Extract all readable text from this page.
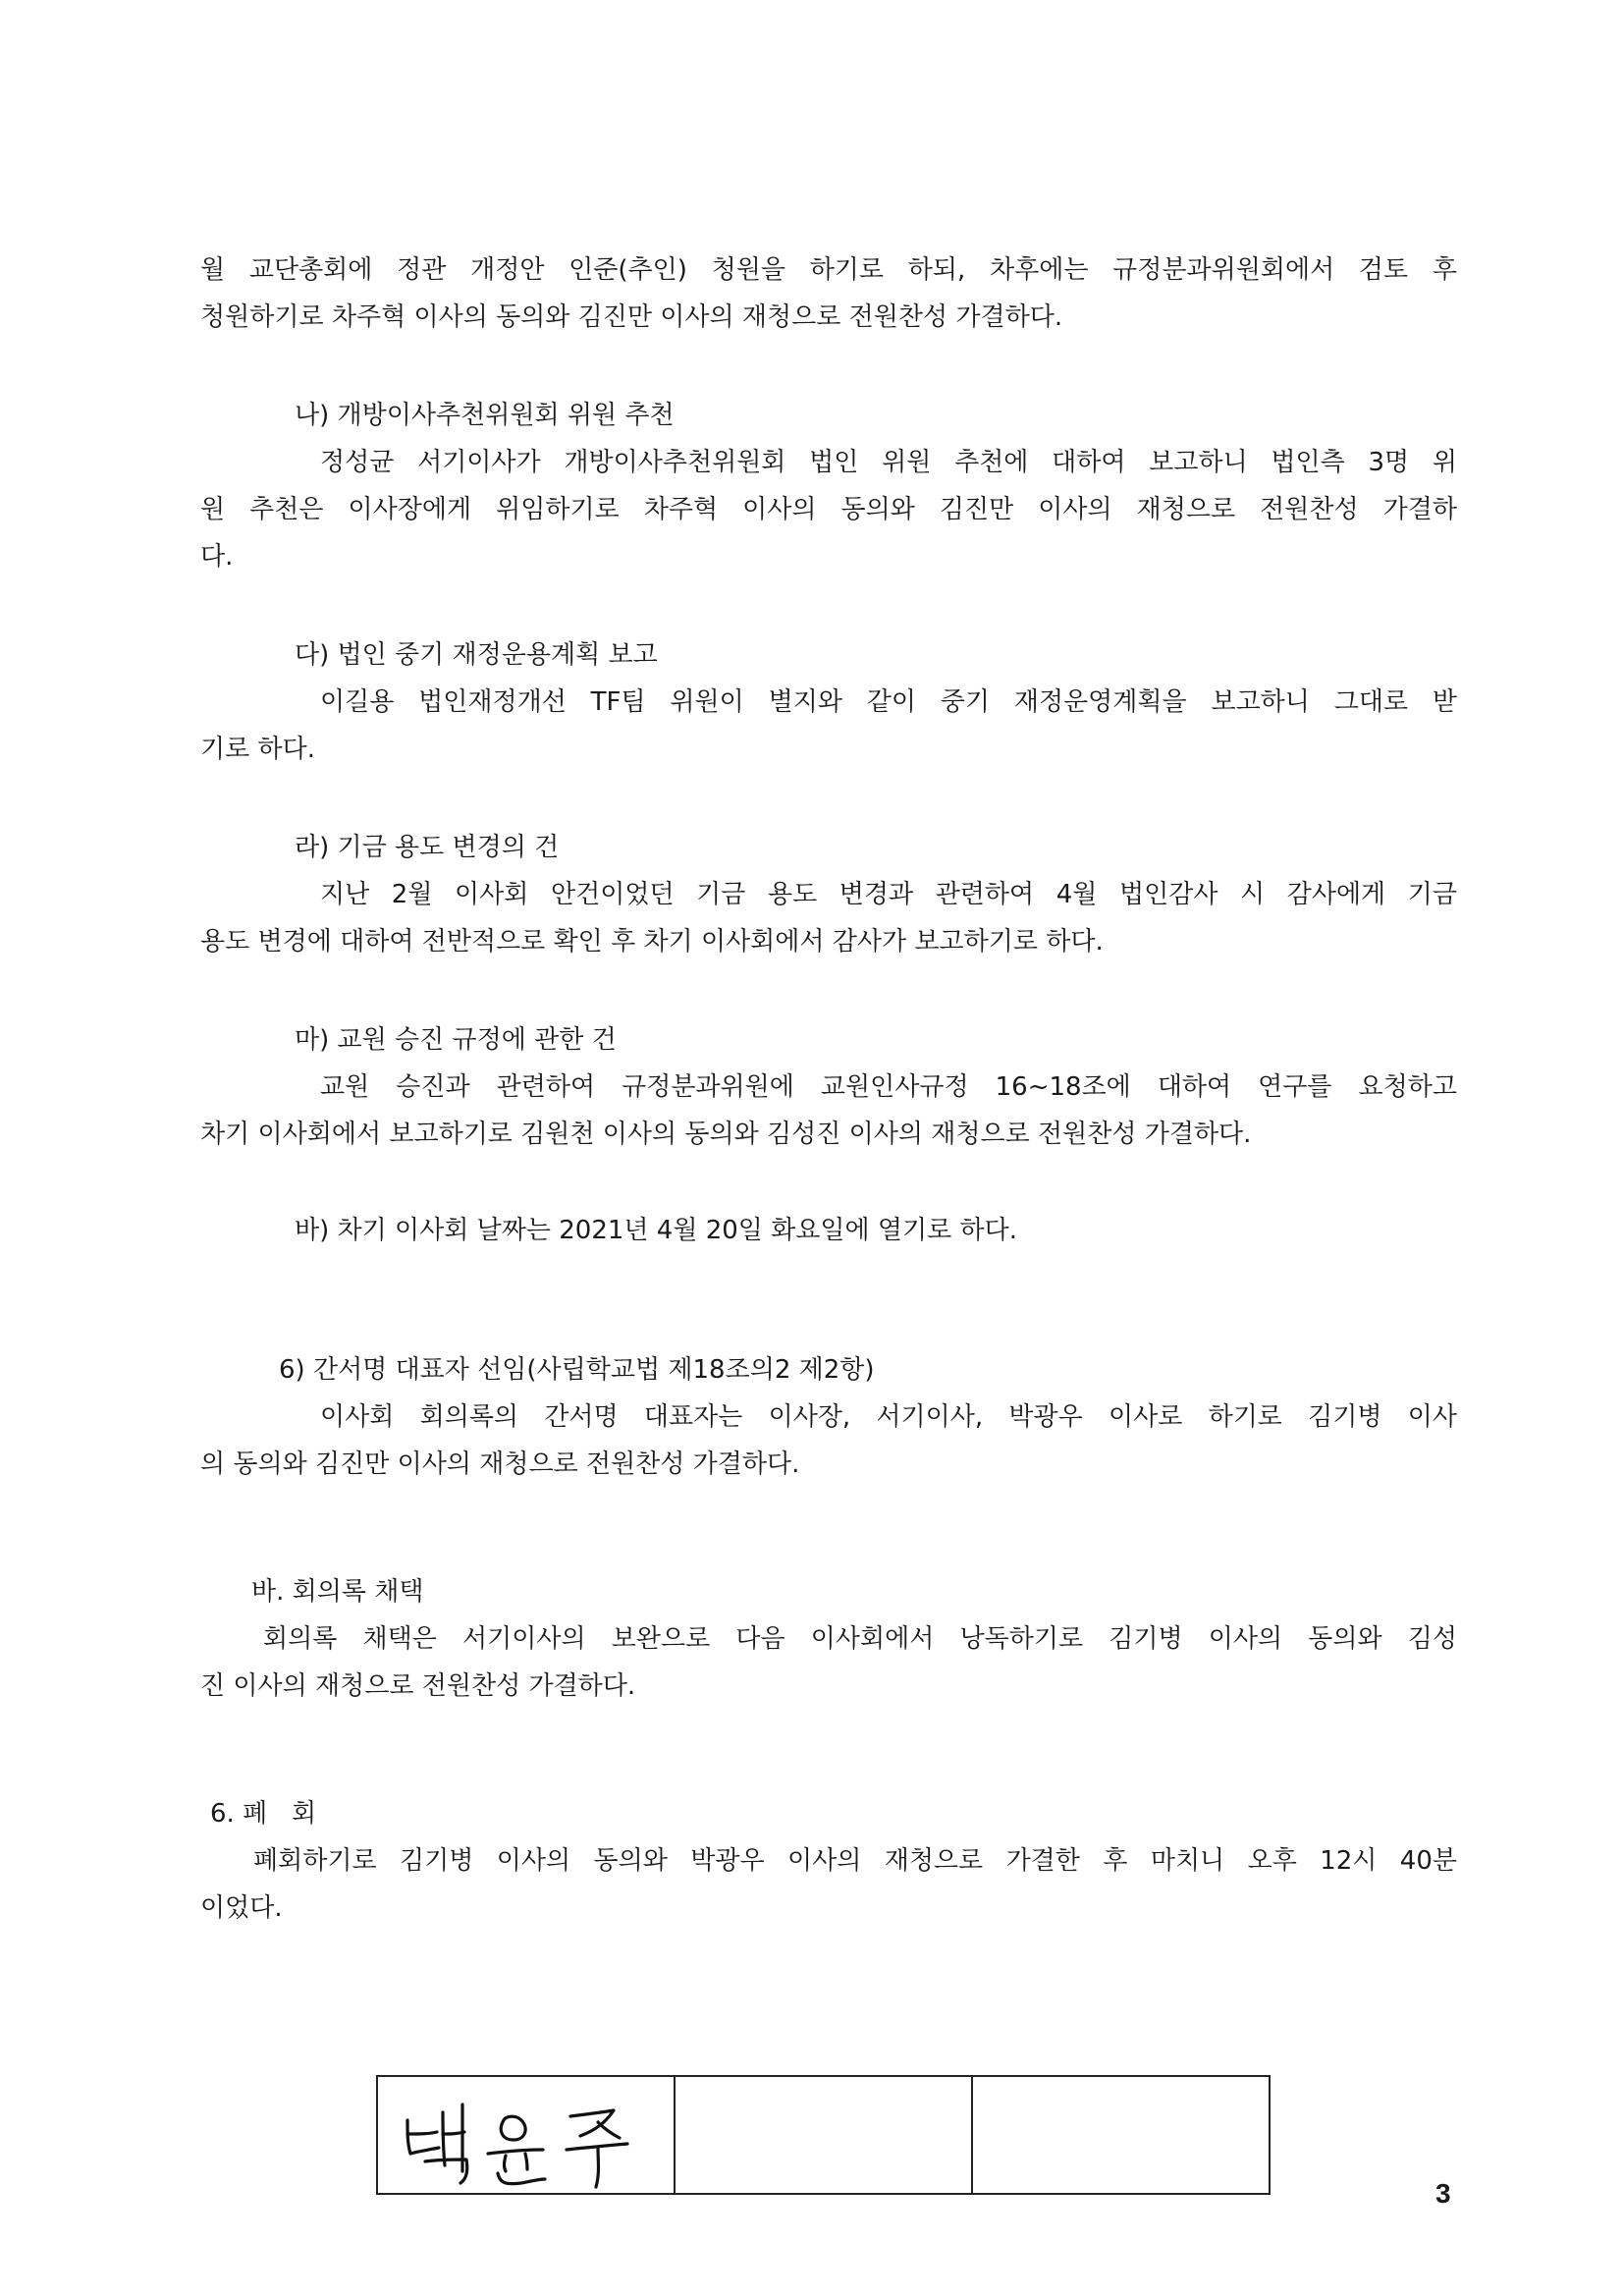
월 교단총회에 정관 개정안 인준(추인) 청원을 하기로 하되, 차후에는 규정분과위원회에서 검토 후
청원하기로 차주혁 이사의 동의와 김진만 이사의 재청으로 전원찬성 가결하다.
나) 개방이사추천위원회 위원 추천
정성균 서기이사가 개방이사추천위원회 법인 위원 추천에 대하여 보고하니 법인측 3명 위
원 추천은 이사장에게 위임하기로 차주혁 이사의 동의와 김진만 이사의 재청으로 전원찬성 가결하
다.
다) 법인 중기 재정운용계획 보고
이길용 법인재정개선 TF팀 위원이 별지와 같이 중기 재정운영계획을 보고하니 그대로 받
기로 하다.
라) 기금 용도 변경의 건
지난 2월 이사회 안건이었던 기금 용도 변경과 관련하여 4월 법인감사 시 감사에게 기금
용도 변경에 대하여 전반적으로 확인 후 차기 이사회에서 감사가 보고하기로 하다.
마) 교원 승진 규정에 관한 건
교원 승진과 관련하여 규정분과위원에 교원인사규정 16~18조에 대하여 연구를 요청하고
차기 이사회에서 보고하기로 김원천 이사의 동의와 김성진 이사의 재청으로 전원찬성 가결하다.
바) 차기 이사회 날짜는 2021년 4월 20일 화요일에 열기로 하다.
6) 간서명 대표자 선임(사립학교법 제18조의2 제2항)
이사회 회의록의 간서명 대표자는 이사장, 서기이사, 박광우 이사로 하기로 김기병 이사
의 동의와 김진만 이사의 재청으로 전원찬성 가결하다.
바. 회의록 채택
회의록 채택은 서기이사의 보완으로 다음 이사회에서 낭독하기로 김기병 이사의 동의와 김성
진 이사의 재청으로 전원찬성 가결하다.
6. 폐   회
폐회하기로 김기병 이사의 동의와 박광우 이사의 재청으로 가결한 후 마치니 오후 12시 40분
이었다.
3
